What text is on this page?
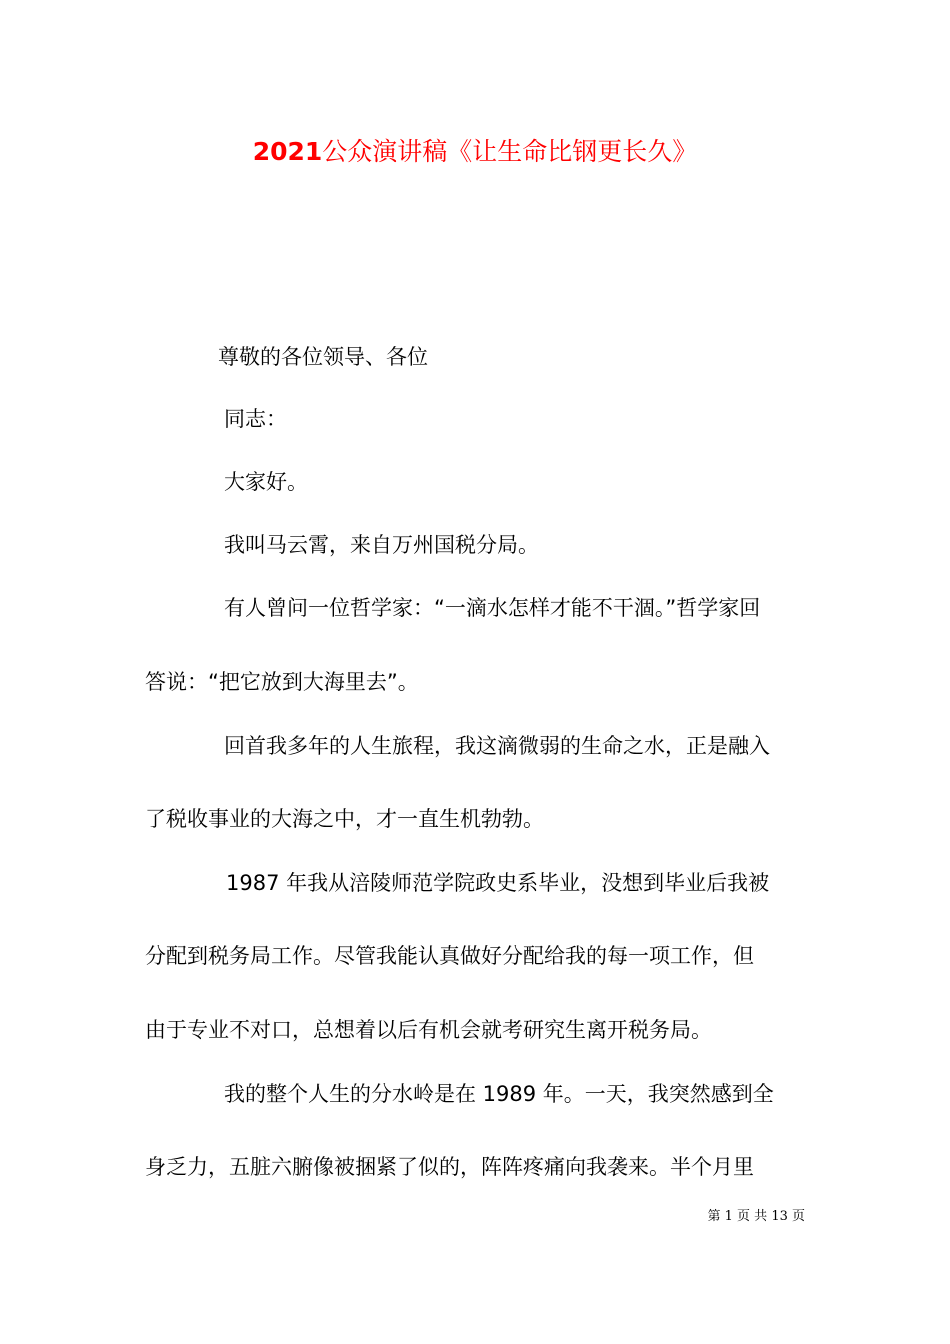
2021公众演讲稿《让生命比钢更长久》
尊敬的各位领导、各位
同志：
大家好。
我叫马云霄，来自万州国税分局。
有人曾问一位哲学家：“一滴水怎样才能不干涸。”哲学家回
答说：“把它放到大海里去”。
回首我多年的人生旅程，我这滴微弱的生命之水，正是融入
了税收事业的大海之中，才一直生机勃勃。
1987 年我从涪陵师范学院政史系毕业，没想到毕业后我被
分配到税务局工作。尽管我能认真做好分配给我的每一项工作，但
由于专业不对口，总想着以后有机会就考研究生离开税务局。
我的整个人生的分水岭是在 1989 年。一天，我突然感到全
身乏力，五脏六腑像被捆紧了似的，阵阵疼痛向我袭来。半个月里
第 1 页 共 13 页
